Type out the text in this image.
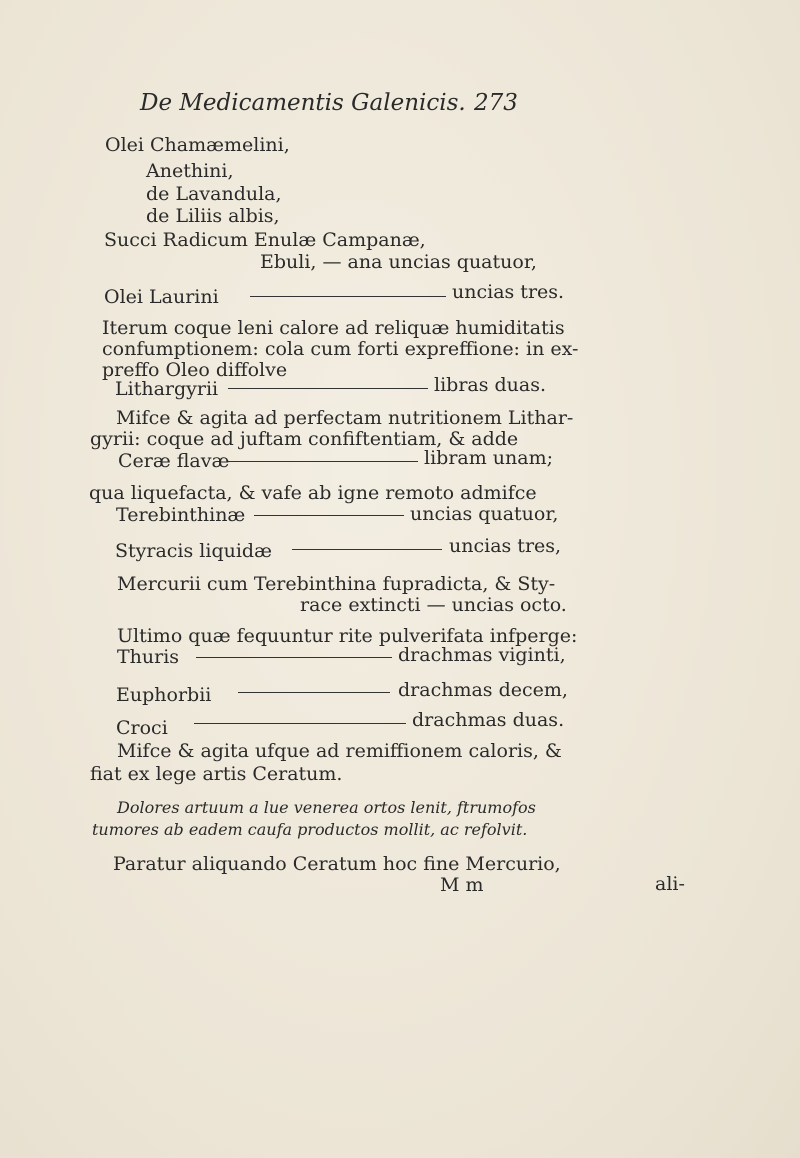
De Medicamentis Galenicis. 273
Olei Chamæmelini,
Anethini,
de Lavandula,
de Liliis albis,
Succi Radicum Enulæ Campanæ,
Ebuli, — ana uncias quatuor,
Olei Laurini	uncias tres.
Iterum coque leni calore ad reliquæ humiditatis
confumptionem: cola cum forti expreffione: in ex-
preffo Oleo diffolve
Lithargyrii	libras duas.
Mifce & agita ad perfectam nutritionem Lithar-
gyrii: coque ad juftam confiftentiam, & adde
Ceræ flavæ	libram unam;
qua liquefacta, & vafe ab igne remoto admifce
Terebinthinæ	uncias quatuor,
Styracis liquidæ	uncias tres,
Mercurii cum Terebinthina fupradicta, & Sty-
race extincti — uncias octo.
Ultimo quæ fequuntur rite pulverifata infperge:
Thuris	drachmas viginti,
Euphorbii	drachmas decem,
Croci	drachmas duas.
Mifce & agita ufque ad remiffionem caloris, &
fiat ex lege artis Ceratum.
Dolores artuum a lue venerea ortos lenit, ftrumofos
tumores ab eadem caufa productos mollit, ac refolvit.
Paratur aliquando Ceratum hoc fine Mercurio,
M m	ali-
